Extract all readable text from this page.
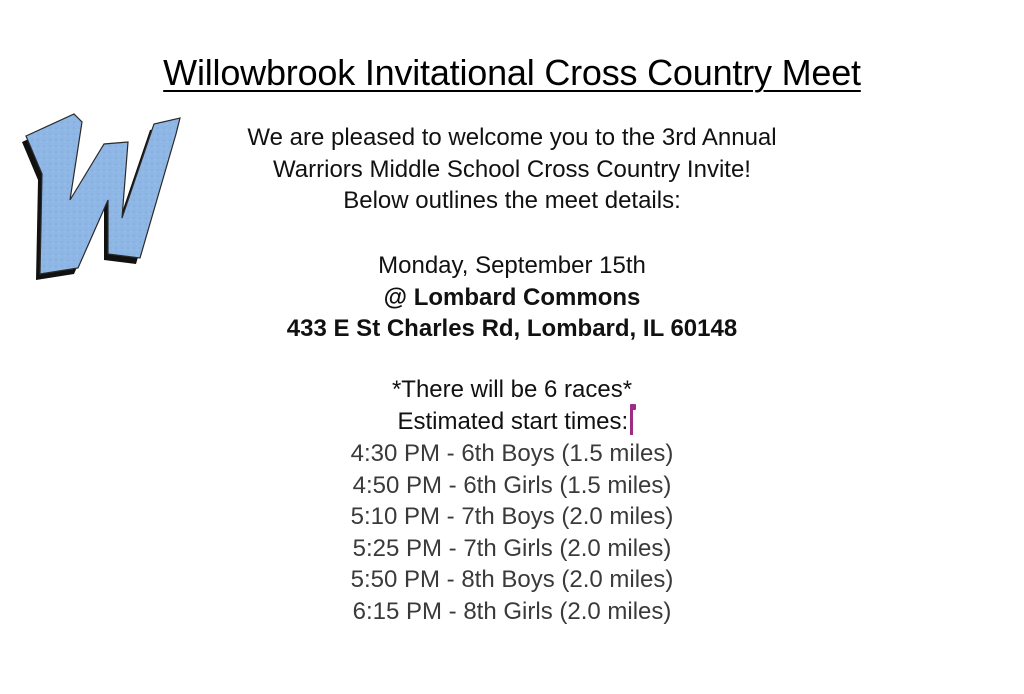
Willowbrook Invitational Cross Country Meet
We are pleased to welcome you to the 3rd Annual
Warriors Middle School Cross Country Invite!
Below outlines the meet details:
Monday, September 15th
@ Lombard Commons
433 E St Charles Rd, Lombard, IL 60148
*There will be 6 races*
Estimated start times:
4:30 PM - 6th Boys (1.5 miles)
4:50 PM - 6th Girls (1.5 miles)
5:10 PM - 7th Boys (2.0 miles)
5:25 PM - 7th Girls (2.0 miles)
5:50 PM - 8th Boys (2.0 miles)
6:15 PM - 8th Girls (2.0 miles)
